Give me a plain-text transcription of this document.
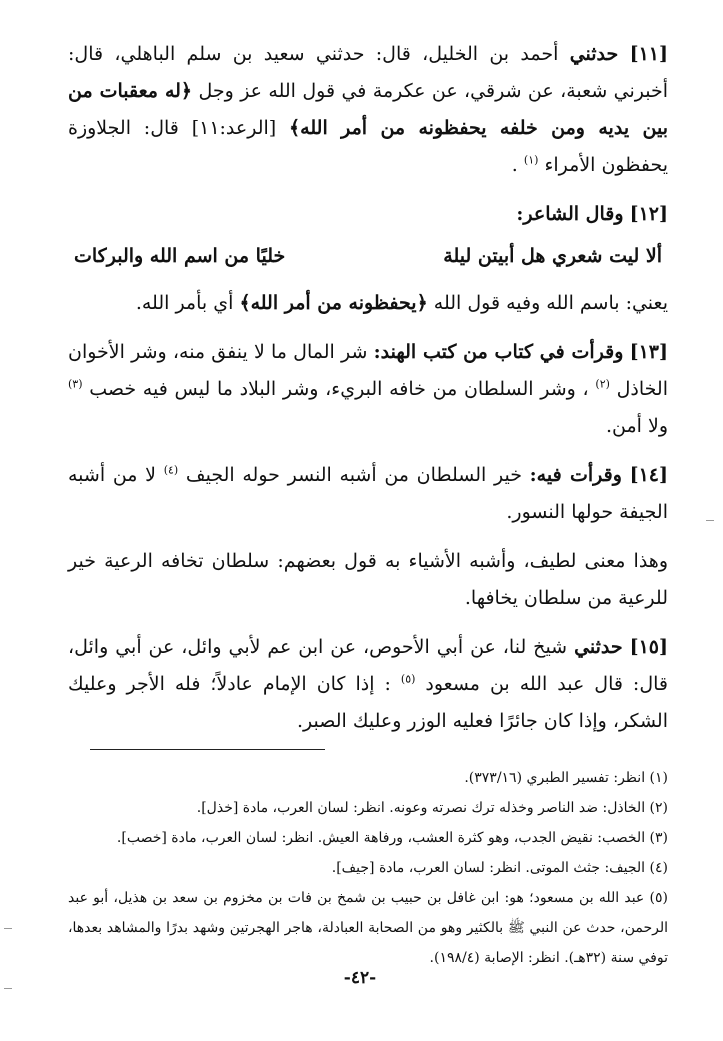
[١١] حدثني أحمد بن الخليل، قال: حدثني سعيد بن سلم الباهلي، قال: أخبرني شعبة، عن شرقي، عن عكرمة في قول الله عز وجل ﴿له معقبات من بين يديه ومن خلفه يحفظونه من أمر الله﴾ [الرعد:١١] قال: الجلاوزة يحفظون الأمراء $^{(١)}$ .

[١٢] وقال الشاعر:

ألا ليت شعري هل أبيتن ليلة
خليًا من اسم الله والبركات

يعني: باسم الله وفيه قول الله ﴿يحفظونه من أمر الله﴾ أي بأمر الله.

[١٣] وقرأت في كتاب من كتب الهند: شر المال ما لا ينفق منه، وشر الأخوان الخاذل $^{(٢)}$ ، وشر السلطان من خافه البريء، وشر البلاد ما ليس فيه خصب $^{(٣)}$ ولا أمن.

[١٤] وقرأت فيه: خير السلطان من أشبه النسر حوله الجيف $^{(٤)}$ لا من أشبه الجيفة حولها النسور.

وهذا معنى لطيف، وأشبه الأشياء به قول بعضهم: سلطان تخافه الرعية خير للرعية من سلطان يخافها.

[١٥] حدثني شيخ لنا، عن أبي الأحوص، عن ابن عم لأبي وائل، عن أبي وائل، قال: قال عبد الله بن مسعود $^{(٥)}$ : إذا كان الإمام عادلاً؛ فله الأجر وعليك الشكر، وإذا كان جائرًا فعليه الوزر وعليك الصبر.

(١) انظر: تفسير الطبري (٣٧٣/١٦).

(٢) الخاذل: ضد الناصر وخذله ترك نصرته وعونه. انظر: لسان العرب، مادة [خذل].

(٣) الخصب: نقيض الجدب، وهو كثرة العشب، ورفاهة العيش. انظر: لسان العرب، مادة [خصب].

(٤) الجيف: جثث الموتى. انظر: لسان العرب، مادة [جيف].

(٥) عبد الله بن مسعود؛ هو: ابن غافل بن حبيب بن شمخ بن فات بن مخزوم بن سعد بن هذيل، أبو عبد الرحمن، حدث عن النبي ﷺ بالكثير وهو من الصحابة العبادلة، هاجر الهجرتين وشهد بدرًا والمشاهد بعدها، توفي سنة (٣٢هـ). انظر: الإصابة (١٩٨/٤).

-٤٢-
